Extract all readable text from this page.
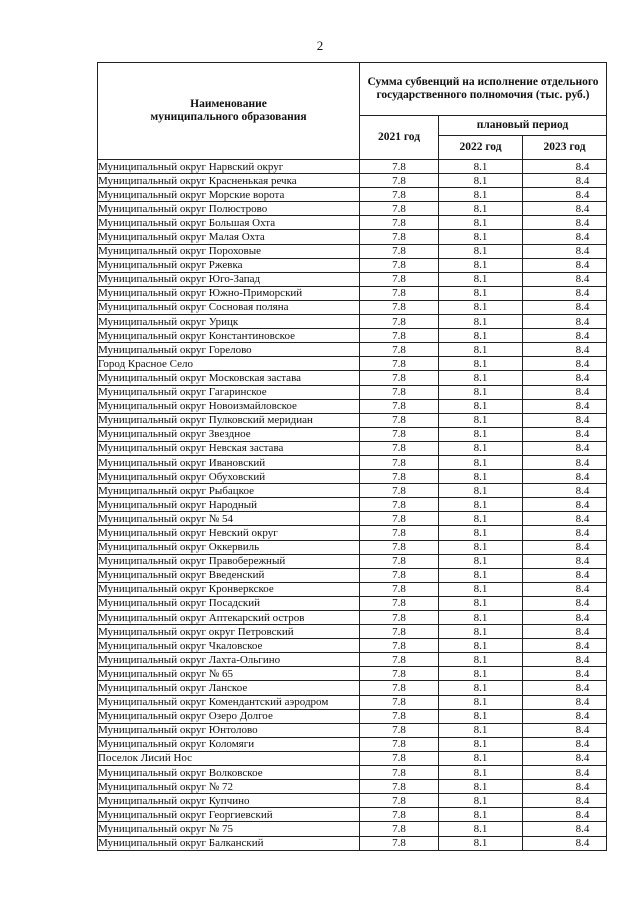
2
Наименование
муниципального образования	Сумма субвенций на исполнение отдельного государственного полномочия (тыс. руб.)		
	2021 год	плановый период	
		2022 год	2023 год
Муниципальный округ Нарвский округ	7.8	8.1	8.4
Муниципальный округ Красненькая речка	7.8	8.1	8.4
Муниципальный округ Морские ворота	7.8	8.1	8.4
Муниципальный округ Полюстрово	7.8	8.1	8.4
Муниципальный округ Большая Охта	7.8	8.1	8.4
Муниципальный округ Малая Охта	7.8	8.1	8.4
Муниципальный округ Пороховые	7.8	8.1	8.4
Муниципальный округ Ржевка	7.8	8.1	8.4
Муниципальный округ Юго-Запад	7.8	8.1	8.4
Муниципальный округ Южно-Приморский	7.8	8.1	8.4
Муниципальный округ Сосновая поляна	7.8	8.1	8.4
Муниципальный округ Урицк	7.8	8.1	8.4
Муниципальный округ Константиновское	7.8	8.1	8.4
Муниципальный округ Горелово	7.8	8.1	8.4
Город Красное Село	7.8	8.1	8.4
Муниципальный округ Московская застава	7.8	8.1	8.4
Муниципальный округ Гагаринское	7.8	8.1	8.4
Муниципальный округ Новоизмайловское	7.8	8.1	8.4
Муниципальный округ Пулковский меридиан	7.8	8.1	8.4
Муниципальный округ Звездное	7.8	8.1	8.4
Муниципальный округ Невская застава	7.8	8.1	8.4
Муниципальный округ Ивановский	7.8	8.1	8.4
Муниципальный округ Обуховский	7.8	8.1	8.4
Муниципальный округ Рыбацкое	7.8	8.1	8.4
Муниципальный округ Народный	7.8	8.1	8.4
Муниципальный округ № 54	7.8	8.1	8.4
Муниципальный округ Невский округ	7.8	8.1	8.4
Муниципальный округ Оккервиль	7.8	8.1	8.4
Муниципальный округ Правобережный	7.8	8.1	8.4
Муниципальный округ Введенский	7.8	8.1	8.4
Муниципальный округ Кронверкское	7.8	8.1	8.4
Муниципальный округ Посадский	7.8	8.1	8.4
Муниципальный округ Аптекарский остров	7.8	8.1	8.4
Муниципальный округ округ Петровский	7.8	8.1	8.4
Муниципальный округ Чкаловское	7.8	8.1	8.4
Муниципальный округ Лахта-Ольгино	7.8	8.1	8.4
Муниципальный округ № 65	7.8	8.1	8.4
Муниципальный округ Ланское	7.8	8.1	8.4
Муниципальный округ Комендантский аэродром	7.8	8.1	8.4
Муниципальный округ Озеро Долгое	7.8	8.1	8.4
Муниципальный округ Юнтолово	7.8	8.1	8.4
Муниципальный округ Коломяги	7.8	8.1	8.4
Поселок Лисий Нос	7.8	8.1	8.4
Муниципальный округ Волковское	7.8	8.1	8.4
Муниципальный округ № 72	7.8	8.1	8.4
Муниципальный округ Купчино	7.8	8.1	8.4
Муниципальный округ Георгиевский	7.8	8.1	8.4
Муниципальный округ № 75	7.8	8.1	8.4
Муниципальный округ Балканский	7.8	8.1	8.4
